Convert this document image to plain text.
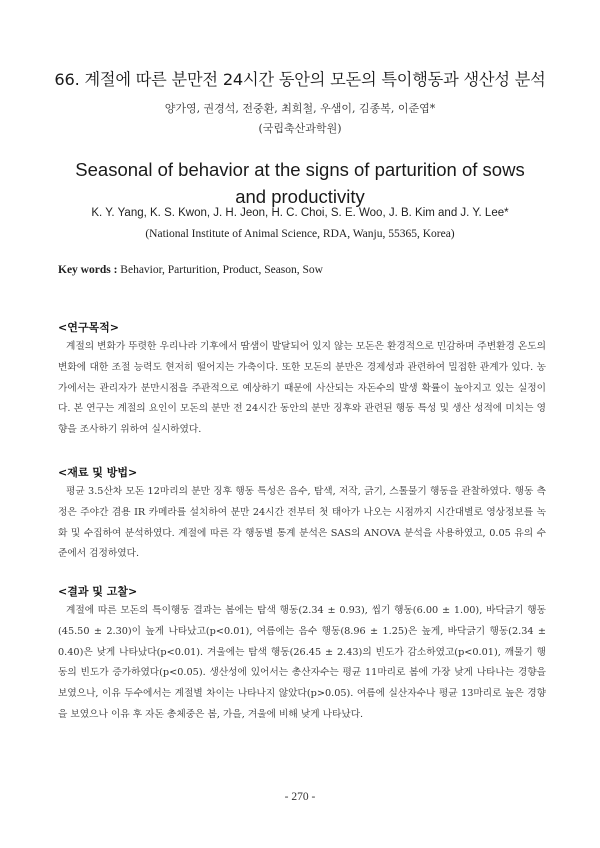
66. 계절에 따른 분만전 24시간 동안의 모돈의 특이행동과 생산성 분석
양가영, 권경석, 전중환, 최희철, 우샘이, 김종복, 이준엽*
(국립축산과학원)
Seasonal of behavior at the signs of parturition of sows and productivity
K. Y. Yang, K. S. Kwon, J. H. Jeon, H. C. Choi, S. E. Woo, J. B. Kim and J. Y. Lee*
(National Institute of Animal Science, RDA, Wanju, 55365, Korea)
Key words : Behavior, Parturition, Product, Season, Sow
<연구목적>
계절의 변화가 뚜렷한 우리나라 기후에서 땀샘이 발달되어 있지 않는 모돈은 환경적으로 민감하며 주변환경 온도의 변화에 대한 조절 능력도 현저히 떨어지는 가축이다. 또한 모돈의 분만은 경제성과 관련하여 밀접한 관계가 있다. 농가에서는 관리자가 분만시점을 주관적으로 예상하기 때문에 사산되는 자돈수의 발생 확률이 높아지고 있는 실정이다. 본 연구는 계절의 요인이 모돈의 분만 전 24시간 동안의 분만 징후와 관련된 행동 특성 및 생산 성적에 미치는 영향을 조사하기 위하여 실시하였다.
<재료 및 방법>
평균 3.5산차 모돈 12마리의 분만 징후 행동 특성은 음수, 탐색, 저작, 긁기, 스톨물기 행동을 관찰하였다. 행동 측정은 주야간 겸용 IR 카메라를 설치하여 분만 24시간 전부터 첫 태아가 나오는 시점까지 시간대별로 영상정보를 녹화 및 수집하여 분석하였다. 계절에 따른 각 행동별 통계 분석은 SAS의 ANOVA 분석을 사용하였고, 0.05 유의 수준에서 검정하였다.
<결과 및 고찰>
계절에 따른 모돈의 특이행동 결과는 봄에는 탐색 행동(2.34 ± 0.93), 씹기 행동(6.00 ± 1.00), 바닥긁기 행동(45.50 ± 2.30)이 높게 나타났고(p<0.01), 여름에는 음수 행동(8.96 ± 1.25)은 높게, 바닥긁기 행동(2.34 ± 0.40)은 낮게 나타났다(p<0.01). 겨울에는 탐색 행동(26.45 ± 2.43)의 빈도가 감소하였고(p<0.01), 깨물기 행동의 빈도가 증가하였다(p<0.05). 생산성에 있어서는 총산자수는 평균 11마리로 봄에 가장 낮게 나타나는 경향을 보였으나, 이유 두수에서는 계절별 차이는 나타나지 않았다(p>0.05). 여름에 실산자수나 평균 13마리로 높은 경향을 보였으나 이유 후 자돈 총체중은 봄, 가을, 겨울에 비해 낮게 나타났다.
- 270 -
